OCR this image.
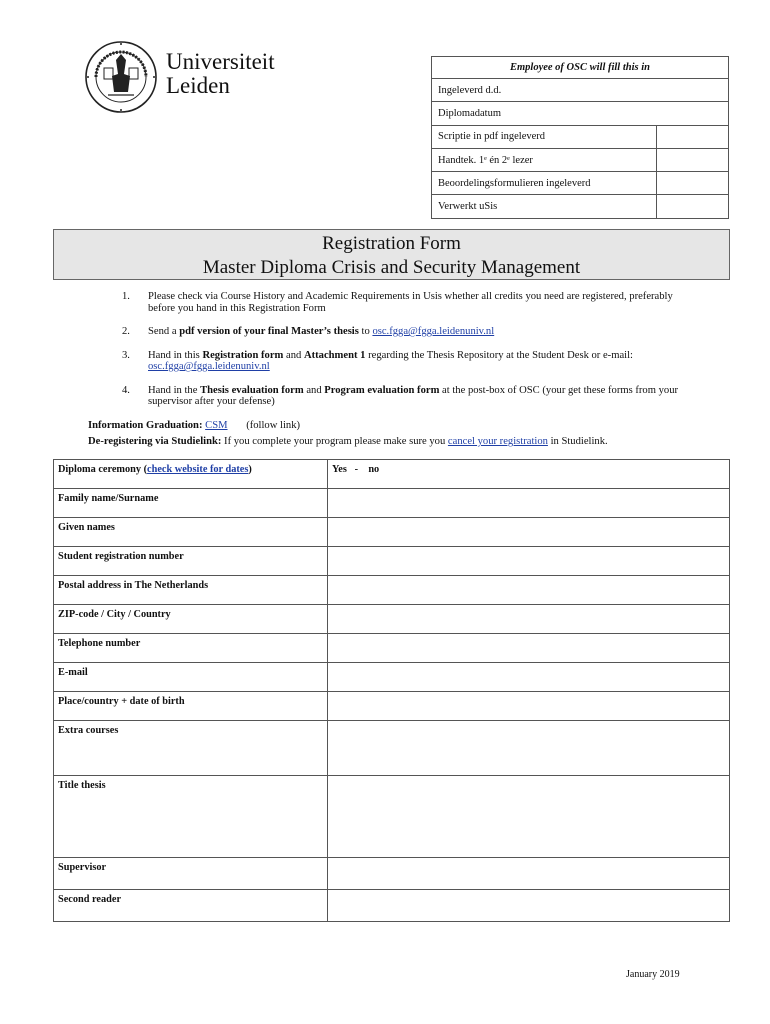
Universiteit
Leiden
Employee of OSC will fill this in	
Ingeleverd d.d.	
Diplomadatum	
Scriptie in pdf ingeleverd	
Handtek. 1ᵉ én 2ᵉ lezer	
Beoordelingsformulieren ingeleverd	
Verwerkt uSis	
Registration Form
Master Diploma Crisis and Security Management
1.	Please check via Course History and Academic Requirements in Usis whether all credits you need are registered, preferably before you hand in this Registration Form
2.	Send a pdf version of your final Master’s thesis to osc.fgga@fgga.leidenuniv.nl
3.	Hand in this Registration form and Attachment 1 regarding the Thesis Repository at the Student Desk or e-mail: osc.fgga@fgga.leidenuniv.nl
4.	Hand in the Thesis evaluation form and Program evaluation form at the post-box of OSC (your get these forms from your supervisor after your defense)
Information Graduation: CSM (follow link)
De-registering via Studielink: If you complete your program please make sure you cancel your registration in Studielink.
Diploma ceremony (check website for dates)	Yes   -    no
Family name/Surname	
Given names	
Student registration number	
Postal address in The Netherlands	
ZIP-code / City / Country	
Telephone number	
E-mail	
Place/country + date of birth	
Extra courses	
Title thesis	
Supervisor	
Second reader	
January 2019
